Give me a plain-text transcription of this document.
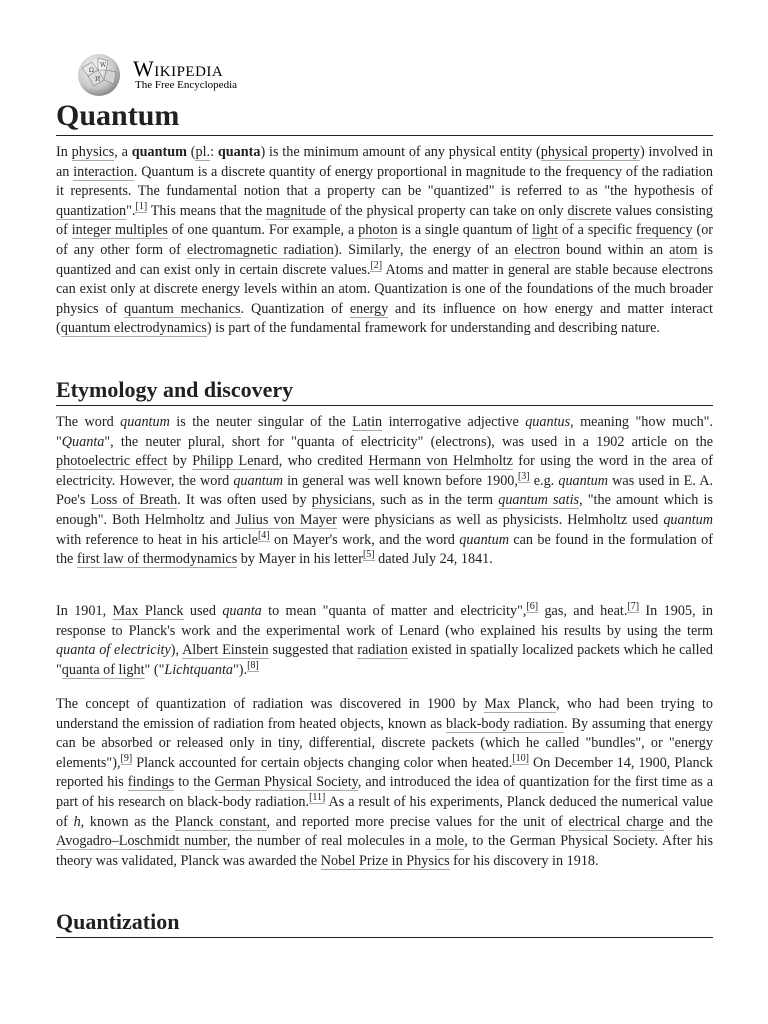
Ω
W
И Wikipedia
The Free Encyclopedia
Quantum

In physics, a quantum (pl.: quanta) is the minimum amount of any physical entity (physical property) involved in an interaction. Quantum is a discrete quantity of energy proportional in magnitude to the frequency of the radiation it represents. The fundamental notion that a property can be "quantized" is referred to as "the hypothesis of quantization".[1] This means that the magnitude of the physical property can take on only discrete values consisting of integer multiples of one quantum. For example, a photon is a single quantum of light of a specific frequency (or of any other form of electromagnetic radiation). Similarly, the energy of an electron bound within an atom is quantized and can exist only in certain discrete values.[2] Atoms and matter in general are stable because electrons can exist only at discrete energy levels within an atom. Quantization is one of the foundations of the much broader physics of quantum mechanics. Quantization of energy and its influence on how energy and matter interact (quantum electrodynamics) is part of the fundamental framework for understanding and describing nature.

Etymology and discovery

The word quantum is the neuter singular of the Latin interrogative adjective quantus, meaning "how much". "Quanta", the neuter plural, short for "quanta of electricity" (electrons), was used in a 1902 article on the photoelectric effect by Philipp Lenard, who credited Hermann von Helmholtz for using the word in the area of electricity. However, the word quantum in general was well known before 1900,[3] e.g. quantum was used in E. A. Poe's Loss of Breath. It was often used by physicians, such as in the term quantum satis, "the amount which is enough". Both Helmholtz and Julius von Mayer were physicians as well as physicists. Helmholtz used quantum with reference to heat in his article[4] on Mayer's work, and the word quantum can be found in the formulation of the first law of thermodynamics by Mayer in his letter[5] dated July 24, 1841.

In 1901, Max Planck used quanta to mean "quanta of matter and electricity",[6] gas, and heat.[7] In 1905, in response to Planck's work and the experimental work of Lenard (who explained his results by using the term quanta of electricity), Albert Einstein suggested that radiation existed in spatially localized packets which he called "quanta of light" ("Lichtquanta").[8]

The concept of quantization of radiation was discovered in 1900 by Max Planck, who had been trying to understand the emission of radiation from heated objects, known as black-body radiation. By assuming that energy can be absorbed or released only in tiny, differential, discrete packets (which he called "bundles", or "energy elements"),[9] Planck accounted for certain objects changing color when heated.[10] On December 14, 1900, Planck reported his findings to the German Physical Society, and introduced the idea of quantization for the first time as a part of his research on black-body radiation.[11] As a result of his experiments, Planck deduced the numerical value of h, known as the Planck constant, and reported more precise values for the unit of electrical charge and the Avogadro–Loschmidt number, the number of real molecules in a mole, to the German Physical Society. After his theory was validated, Planck was awarded the Nobel Prize in Physics for his discovery in 1918.

Quantization
